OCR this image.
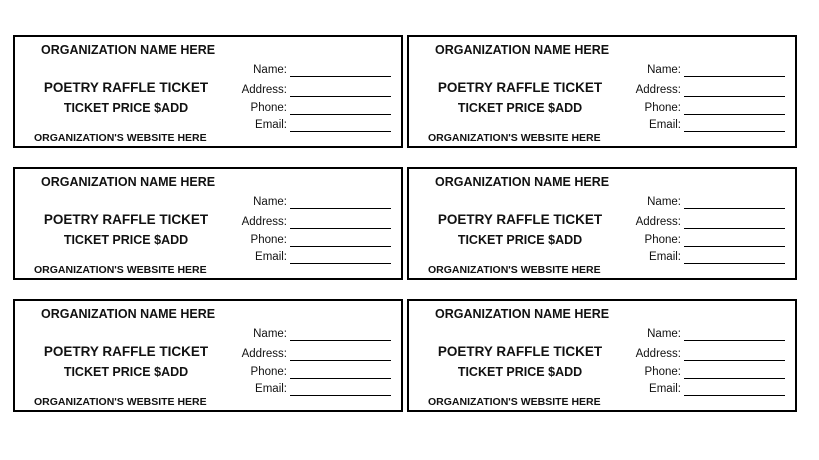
ORGANIZATION NAME HERE
POETRY RAFFLE TICKET
TICKET PRICE $ADD
ORGANIZATION'S WEBSITE HERE
Name:
Address:
Phone:
Email:
ORGANIZATION NAME HERE
POETRY RAFFLE TICKET
TICKET PRICE $ADD
ORGANIZATION'S WEBSITE HERE
Name:
Address:
Phone:
Email:
ORGANIZATION NAME HERE
POETRY RAFFLE TICKET
TICKET PRICE $ADD
ORGANIZATION'S WEBSITE HERE
Name:
Address:
Phone:
Email:
ORGANIZATION NAME HERE
POETRY RAFFLE TICKET
TICKET PRICE $ADD
ORGANIZATION'S WEBSITE HERE
Name:
Address:
Phone:
Email:
ORGANIZATION NAME HERE
POETRY RAFFLE TICKET
TICKET PRICE $ADD
ORGANIZATION'S WEBSITE HERE
Name:
Address:
Phone:
Email:
ORGANIZATION NAME HERE
POETRY RAFFLE TICKET
TICKET PRICE $ADD
ORGANIZATION'S WEBSITE HERE
Name:
Address:
Phone:
Email:
